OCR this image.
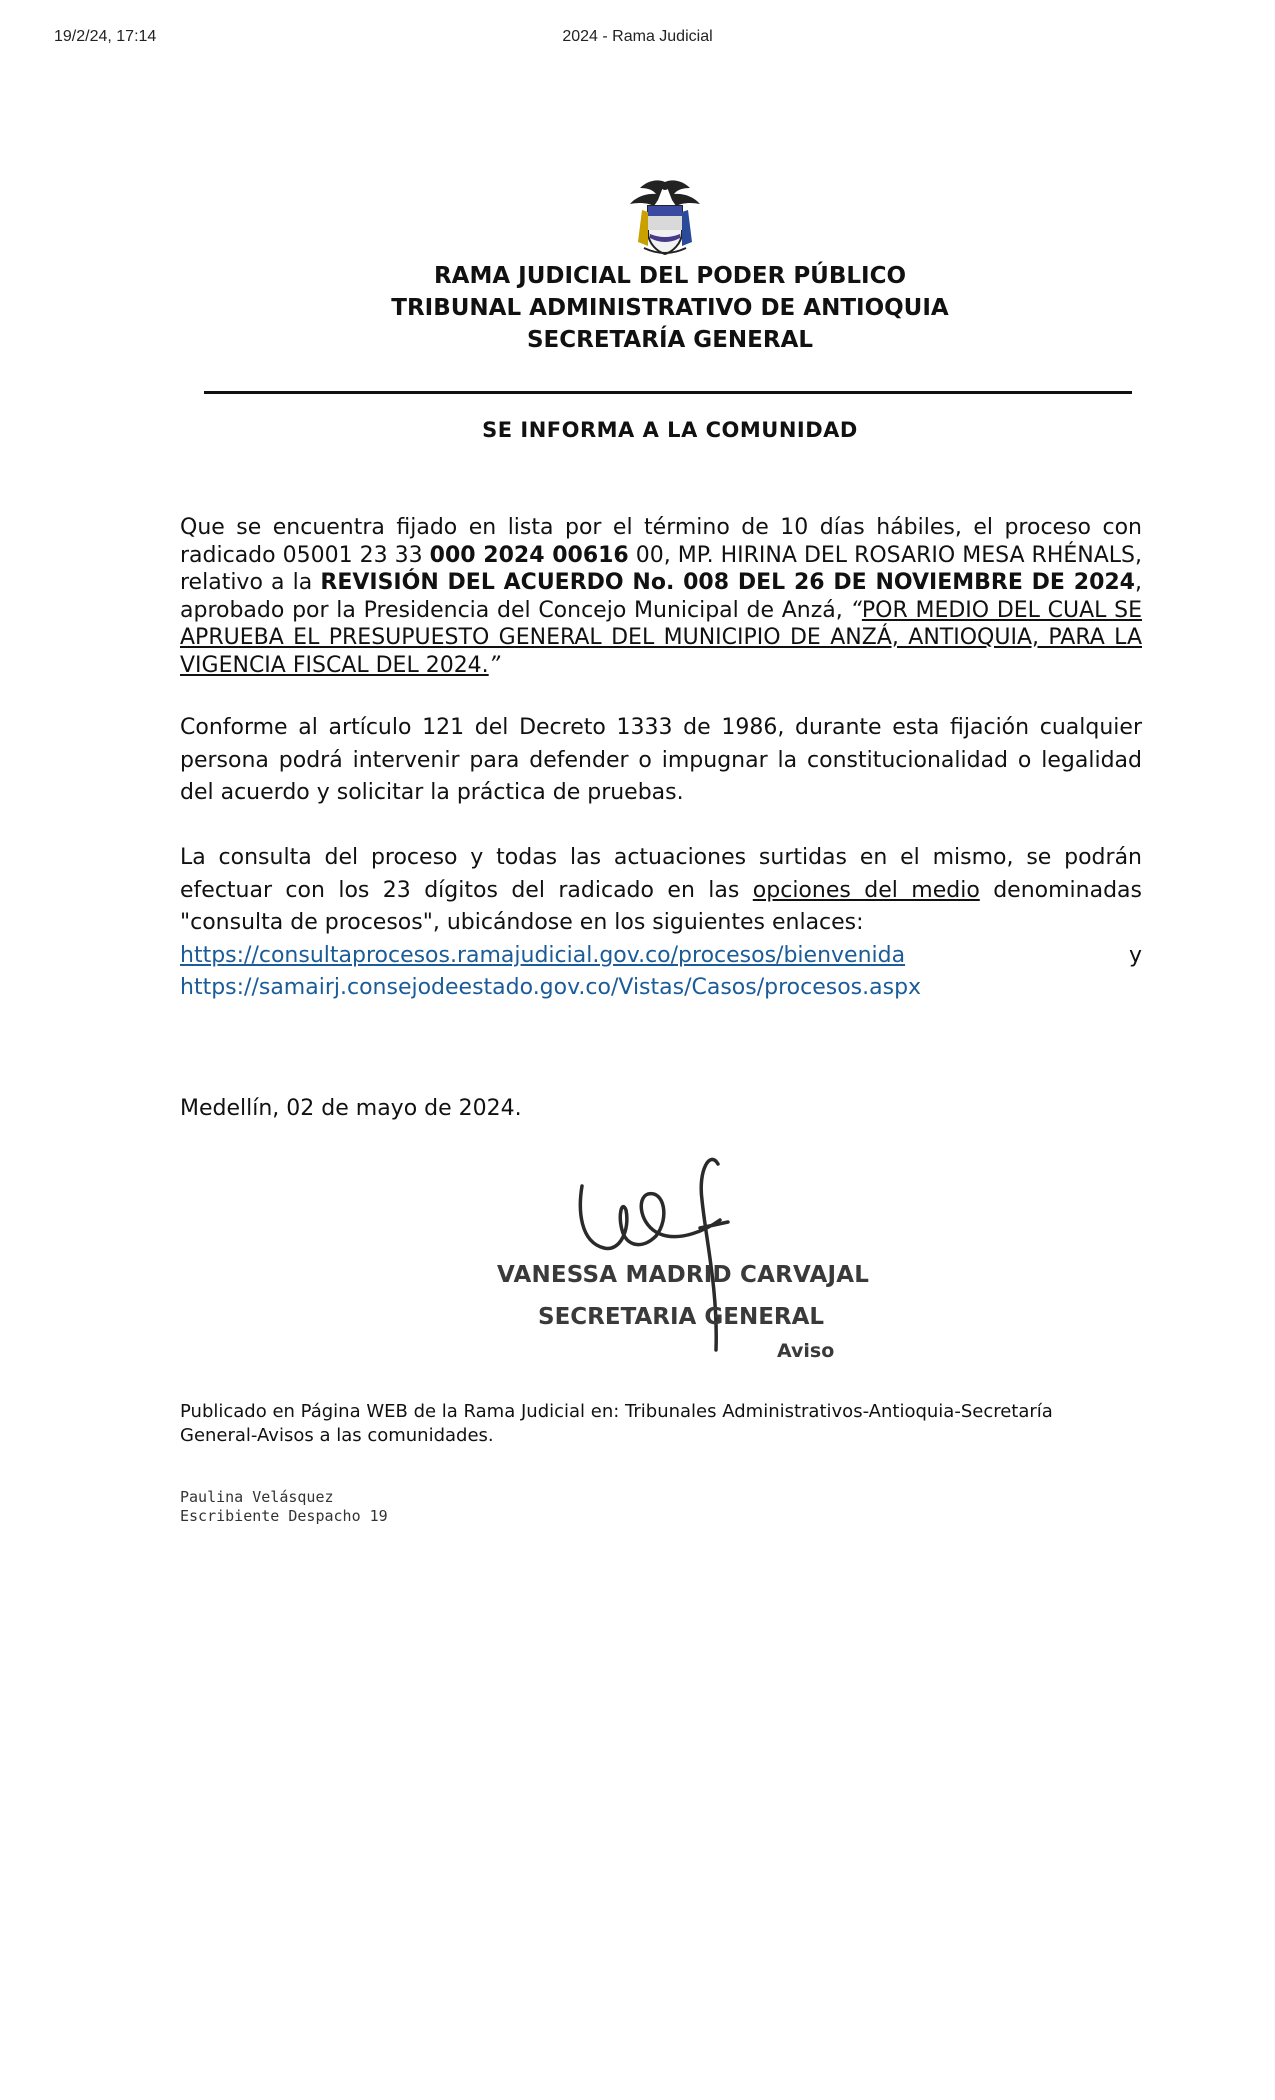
19/2/24, 17:14	2024 - Rama Judicial
RAMA JUDICIAL DEL PODER PÚBLICO
TRIBUNAL ADMINISTRATIVO DE ANTIOQUIA
SECRETARÍA GENERAL
SE INFORMA A LA COMUNIDAD
Que se encuentra fijado en lista por el término de 10 días hábiles, el proceso con radicado 05001 23 33 000 2024 00616 00, MP. HIRINA DEL ROSARIO MESA RHÉNALS, relativo a la REVISIÓN DEL ACUERDO No. 008 DEL 26 DE NOVIEMBRE DE 2024, aprobado por la Presidencia del Concejo Municipal de Anzá, “POR MEDIO DEL CUAL SE APRUEBA EL PRESUPUESTO GENERAL DEL MUNICIPIO DE ANZÁ, ANTIOQUIA, PARA LA VIGENCIA FISCAL DEL 2024.”
Conforme al artículo 121 del Decreto 1333 de 1986, durante esta fijación cualquier persona podrá intervenir para defender o impugnar la constitucionalidad o legalidad del acuerdo y solicitar la práctica de pruebas.
La consulta del proceso y todas las actuaciones surtidas en el mismo, se podrán efectuar con los 23 dígitos del radicado en las opciones del medio denominadas "consulta de procesos", ubicándose en los siguientes enlaces:
https://consultaprocesos.ramajudicial.gov.co/procesos/bienvenida	y
https://samairj.consejodeestado.gov.co/Vistas/Casos/procesos.aspx
Medellín, 02 de mayo de 2024.
VANESSA MADRID CARVAJAL
SECRETARIA GENERAL
Aviso
Publicado en Página WEB de la Rama Judicial en: Tribunales Administrativos-Antioquia-Secretaría General-Avisos a las comunidades.
Paulina Velásquez
Escribiente Despacho 19
